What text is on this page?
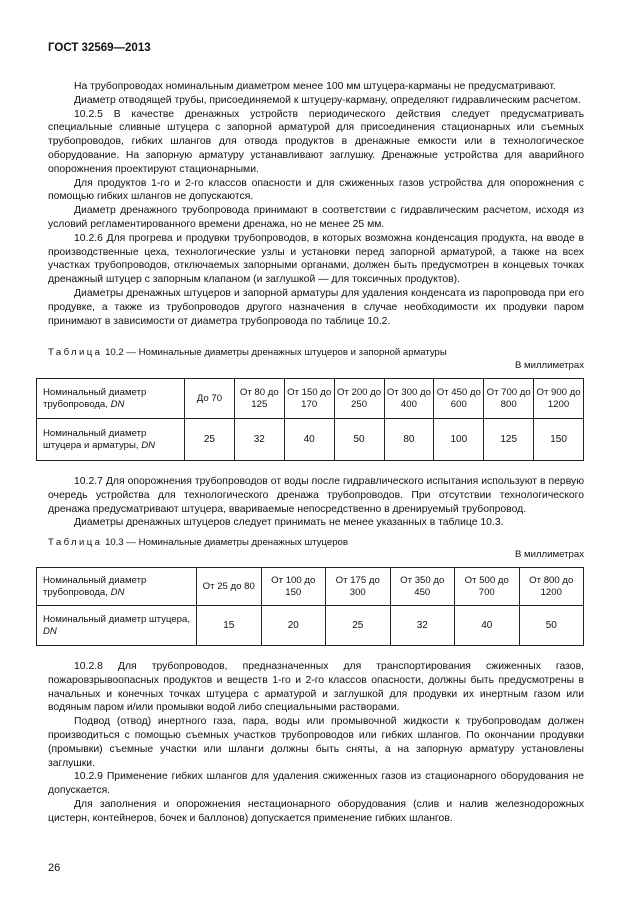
ГОСТ 32569—2013

На трубопроводах номинальным диаметром менее 100 мм штуцера-карманы не предусматривают.

Диаметр отводящей трубы, присоединяемой к штуцеру-карману, определяют гидравлическим расчетом.

10.2.5 В качестве дренажных устройств периодического действия следует предусматривать специальные сливные штуцера с запорной арматурой для присоединения стационарных или съемных трубопроводов, гибких шлангов для отвода продуктов в дренажные емкости или в технологическое оборудование. На запорную арматуру устанавливают заглушку. Дренажные устройства для аварийного опорожнения проектируют стационарными.

Для продуктов 1-го и 2-го классов опасности и для сжиженных газов устройства для опорожнения с помощью гибких шлангов не допускаются.

Диаметр дренажного трубопровода принимают в соответствии с гидравлическим расчетом, исходя из условий регламентированного времени дренажа, но не менее 25 мм.

10.2.6 Для прогрева и продувки трубопроводов, в которых возможна конденсация продукта, на вводе в производственные цеха, технологические узлы и установки перед запорной арматурой, а также на всех участках трубопроводов, отключаемых запорными органами, должен быть предусмотрен в концевых точках дренажный штуцер с запорным клапаном (и заглушкой — для токсичных продуктов).

Диаметры дренажных штуцеров и запорной арматуры для удаления конденсата из паропровода при его продувке, а также из трубопроводов другого назначения в случае необходимости их продувки паром принимают в зависимости от диаметра трубопровода по таблице 10.2.

Таблица 10.2 — Номинальные диаметры дренажных штуцеров и запорной арматуры
В миллиметрах
Номинальный диаметр трубопровода, DN	До 70	От 80 до 125	От 150 до 170	От 200 до 250	От 300 до 400	От 450 до 600	От 700 до 800	От 900 до 1200
Номинальный диаметр штуцера и арматуры, DN	25	32	40	50	80	100	125	150

10.2.7 Для опорожнения трубопроводов от воды после гидравлического испытания используют в первую очередь устройства для технологического дренажа трубопроводов. При отсутствии технологического дренажа предусматривают штуцера, ввариваемые непосредственно в дренируемый трубопровод.

Диаметры дренажных штуцеров следует принимать не менее указанных в таблице 10.3.

Таблица 10.3 — Номинальные диаметры дренажных штуцеров
В миллиметрах
Номинальный диаметр трубопровода, DN	От 25 до 80	От 100 до 150	От 175 до 300	От 350 до 450	От 500 до 700	От 800 до 1200
Номинальный диаметр штуцера, DN	15	20	25	32	40	50

10.2.8 Для трубопроводов, предназначенных для транспортирования сжиженных газов, пожаровзрывоопасных продуктов и веществ 1-го и 2-го классов опасности, должны быть предусмотрены в начальных и конечных точках штуцера с арматурой и заглушкой для продувки их инертным газом или водяным паром и/или промывки водой либо специальными растворами.

Подвод (отвод) инертного газа, пара, воды или промывочной жидкости к трубопроводам должен производиться с помощью съемных участков трубопроводов или гибких шлангов. По окончании продувки (промывки) съемные участки или шланги должны быть сняты, а на запорную арматуру установлены заглушки.

10.2.9 Применение гибких шлангов для удаления сжиженных газов из стационарного оборудования не допускается.

Для заполнения и опорожнения нестационарного оборудования (слив и налив железнодорожных цистерн, контейнеров, бочек и баллонов) допускается применение гибких шлангов.

26
